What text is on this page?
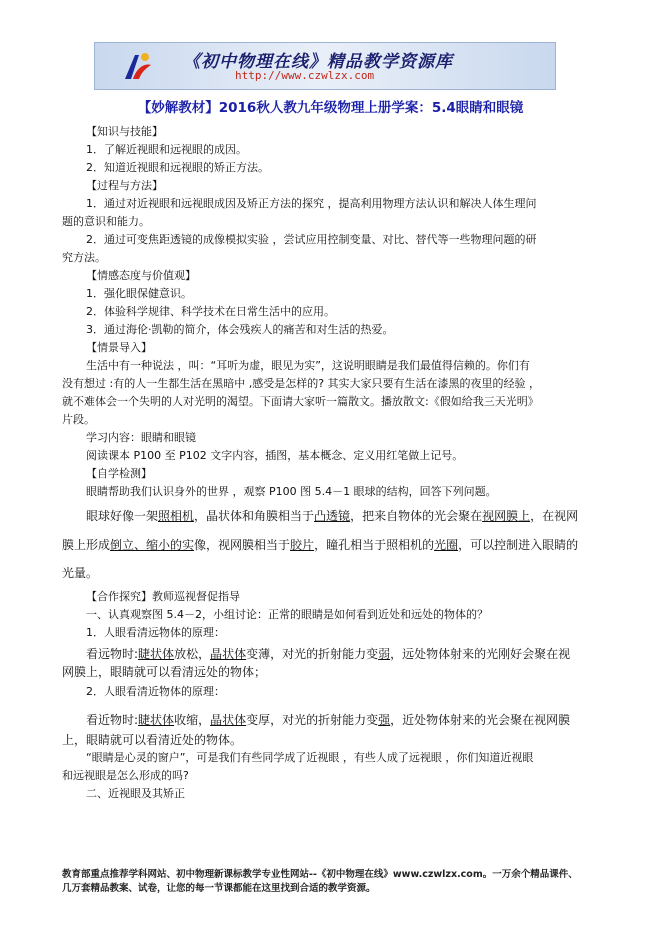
《初中物理在线》精品教学资源库
http://www.czwlzx.com
【妙解教材】2016秋人教九年级物理上册学案：5.4眼睛和眼镜
【知识与技能】
1．了解近视眼和远视眼的成因。
2．知道近视眼和远视眼的矫正方法。
【过程与方法】
1．通过对近视眼和远视眼成因及矫正方法的探究 ，提高利用物理方法认识和解决人体生理问
题的意识和能力。
2．通过可变焦距透镜的成像模拟实验 ，尝试应用控制变量、对比、替代等一些物理问题的研
究方法。
【情感态度与价值观】
1．强化眼保健意识。
2．体验科学规律、科学技术在日常生活中的应用。
3．通过海伦·凯勒的简介，体会残疾人的痛苦和对生活的热爱。
【情景导入】
生活中有一种说法 ，叫：“耳听为虚，眼见为实”，这说明眼睛是我们最值得信赖的。你们有
没有想过 :有的人一生都生活在黑暗中 ,感受是怎样的? 其实大家只要有生活在漆黑的夜里的经验 ，
就不难体会一个失明的人对光明的渴望。下面请大家听一篇散文。播放散文:《假如给我三天光明》
片段。
学习内容：眼睛和眼镜
阅读课本 P100 至 P102 文字内容，插图，基本概念、定义用红笔做上记号。
【自学检测】
眼睛帮助我们认识身外的世界 ，观察 P100 图 5.4－1 眼球的结构，回答下列问题。
眼球好像一架照相机，晶状体和角膜相当于凸透镜，把来自物体的光会聚在视网膜上，在视网
膜上形成倒立、缩小的实像，视网膜相当于胶片，瞳孔相当于照相机的光圈，可以控制进入眼睛的
光量。
【合作探究】教师巡视督促指导
一、认真观察图 5.4－2，小组讨论：正常的眼睛是如何看到近处和远处的物体的？
1．人眼看清远物体的原理：
看远物时:睫状体放松，晶状体变薄，对光的折射能力变弱，远处物体射来的光刚好会聚在视
网膜上，眼睛就可以看清远处的物体；
2．人眼看清近物体的原理：
看近物时:睫状体收缩，晶状体变厚，对光的折射能力变强，近处物体射来的光会聚在视网膜
上，眼睛就可以看清近处的物体。
“眼睛是心灵的窗户”，可是我们有些同学成了近视眼 ，有些人成了远视眼 ，你们知道近视眼
和远视眼是怎么形成的吗?
二、近视眼及其矫正
教育部重点推荐学科网站、初中物理新课标教学专业性网站--《初中物理在线》www.czwlzx.com。一万余个精品课件、
几万套精品教案、试卷，让您的每一节课都能在这里找到合适的教学资源。
